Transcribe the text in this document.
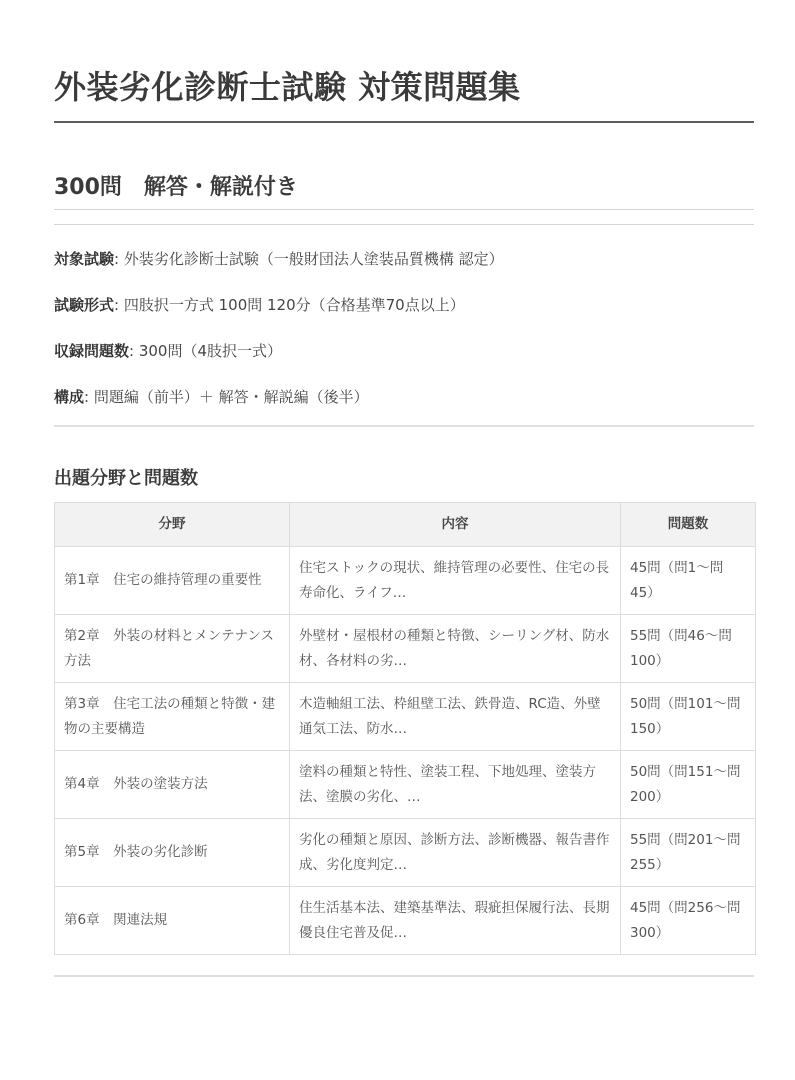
外装劣化診断士試験 対策問題集
300問　解答・解説付き
対象試験: 外装劣化診断士試験（一般財団法人塗装品質機構 認定）
試験形式: 四肢択一方式 100問 120分（合格基準70点以上）
収録問題数: 300問（4肢択一式）
構成: 問題編（前半）＋ 解答・解説編（後半）
出題分野と問題数
分野	内容	問題数
第1章　住宅の維持管理の重要性	住宅ストックの現状、維持管理の必要性、住宅の長寿命化、ライフ…	45問（問1〜問45）
第2章　外装の材料とメンテナンス方法	外壁材・屋根材の種類と特徴、シーリング材、防水材、各材料の劣…	55問（問46〜問100）
第3章　住宅工法の種類と特徴・建物の主要構造	木造軸組工法、枠組壁工法、鉄骨造、RC造、外壁通気工法、防水…	50問（問101〜問150）
第4章　外装の塗装方法	塗料の種類と特性、塗装工程、下地処理、塗装方法、塗膜の劣化、…	50問（問151〜問200）
第5章　外装の劣化診断	劣化の種類と原因、診断方法、診断機器、報告書作成、劣化度判定…	55問（問201〜問255）
第6章　関連法規	住生活基本法、建築基準法、瑕疵担保履行法、長期優良住宅普及促…	45問（問256〜問300）
